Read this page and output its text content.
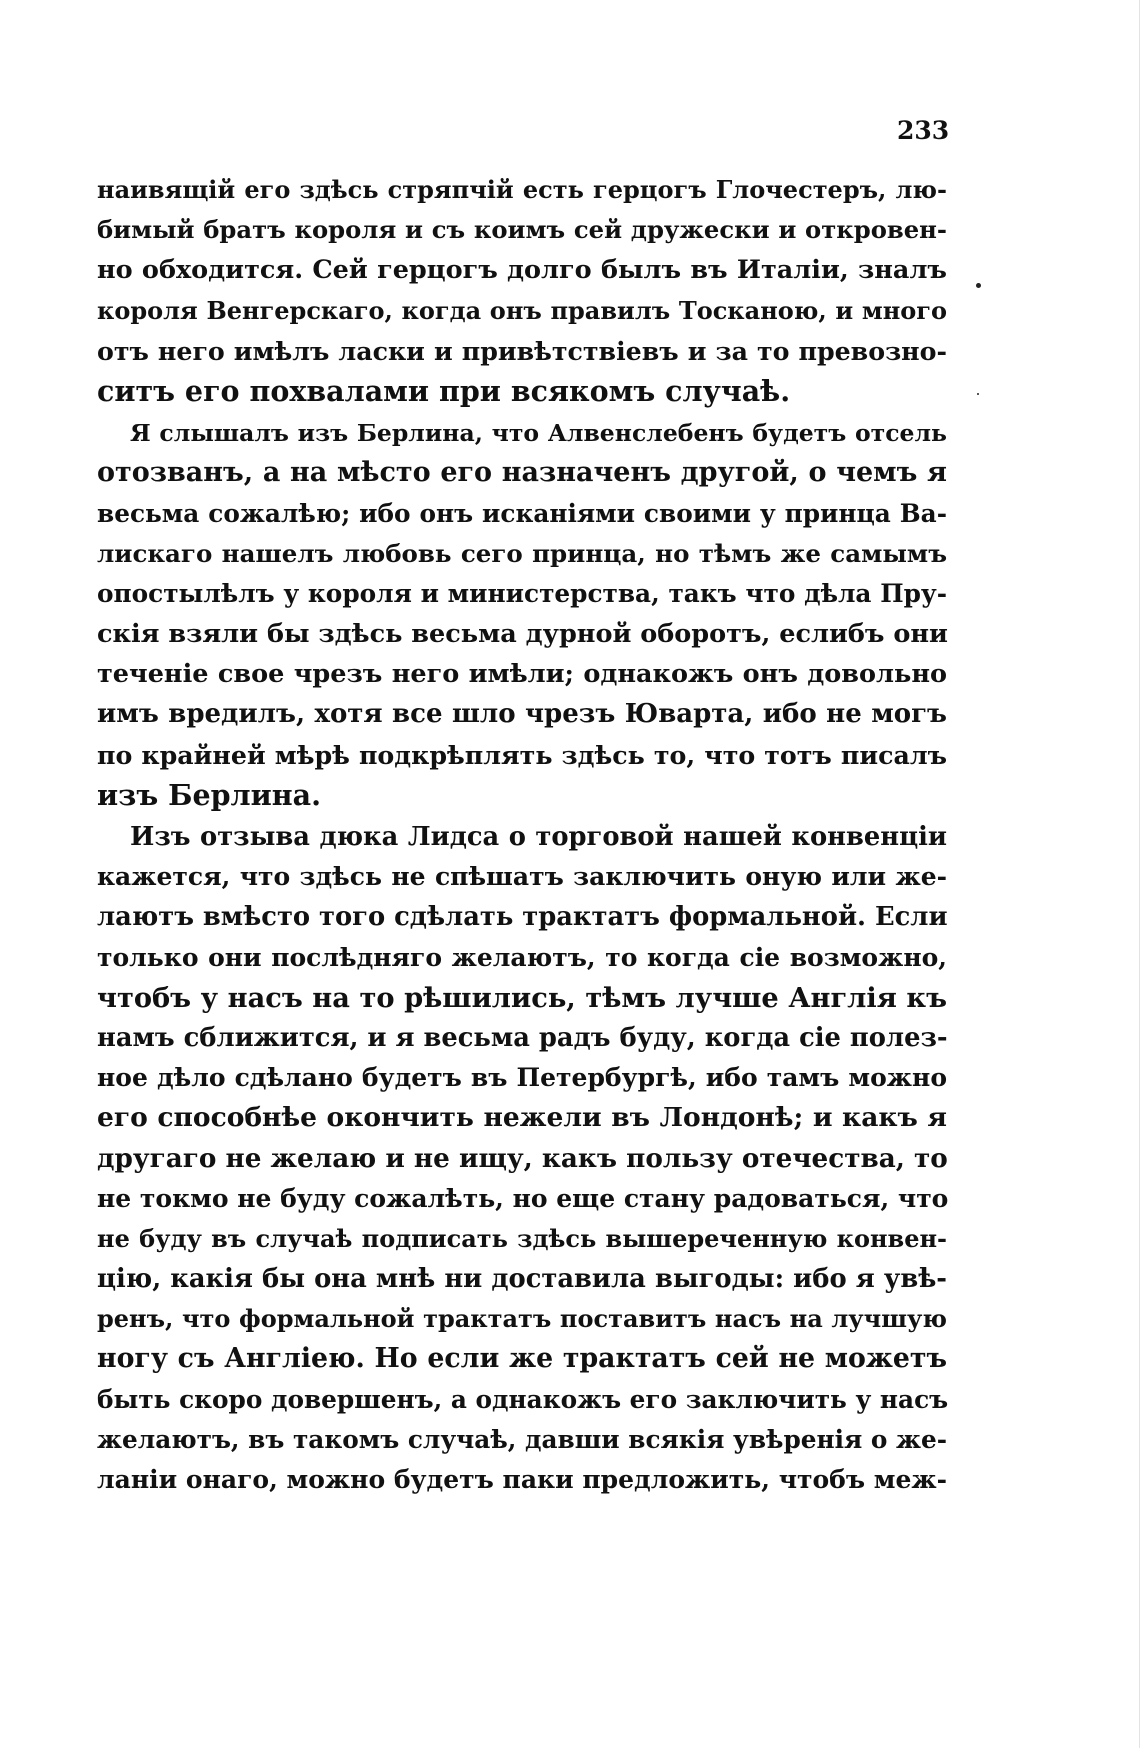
233
наивящій его здѣсь стряпчій есть герцогъ Глочестеръ, лю-
бимый братъ короля и съ коимъ сей дружески и откровен-
но обходится. Сей герцогъ долго былъ въ Италіи, зналъ
короля Венгерскаго, когда онъ правилъ Тосканою, и много
отъ него имѣлъ ласки и привѣтствіевъ и за то превозно-
ситъ его похвалами при всякомъ случаѣ.
Я слышалъ изъ Берлина, что Алвенслебенъ будетъ отсель
отозванъ, а на мѣсто его назначенъ другой, о чемъ я
весьма сожалѣю; ибо онъ исканіями своими у принца Ва-
лискаго нашелъ любовь сего принца, но тѣмъ же самымъ
опостылѣлъ у короля и министерства, такъ что дѣла Пру-
скія взяли бы здѣсь весьма дурной оборотъ, еслибъ они
теченіе свое чрезъ него имѣли; однакожъ онъ довольно
имъ вредилъ, хотя все шло чрезъ Юварта, ибо не могъ
по крайней мѣрѣ подкрѣплять здѣсь то, что тотъ писалъ
изъ Берлина.
Изъ отзыва дюка Лидса о торговой нашей конвенціи
кажется, что здѣсь не спѣшатъ заключить оную или же-
лаютъ вмѣсто того сдѣлать трактатъ формальной. Если
только они послѣдняго желаютъ, то когда сіе возможно,
чтобъ у насъ на то рѣшились, тѣмъ лучше Англія къ
намъ сближится, и я весьма радъ буду, когда сіе полез-
ное дѣло сдѣлано будетъ въ Петербургѣ, ибо тамъ можно
его способнѣе окончить нежели въ Лондонѣ; и какъ я
другаго не желаю и не ищу, какъ пользу отечества, то
не токмо не буду сожалѣть, но еще стану радоваться, что
не буду въ случаѣ подписать здѣсь вышереченную конвен-
цію, какія бы она мнѣ ни доставила выгоды: ибо я увѣ-
ренъ, что формальной трактатъ поставитъ насъ на лучшую
ногу съ Англіею. Но если же трактатъ сей не можетъ
быть скоро довершенъ, а однакожъ его заключить у насъ
желаютъ, въ такомъ случаѣ, давши всякія увѣренія о же-
ланіи онаго, можно будетъ паки предложить, чтобъ меж-
